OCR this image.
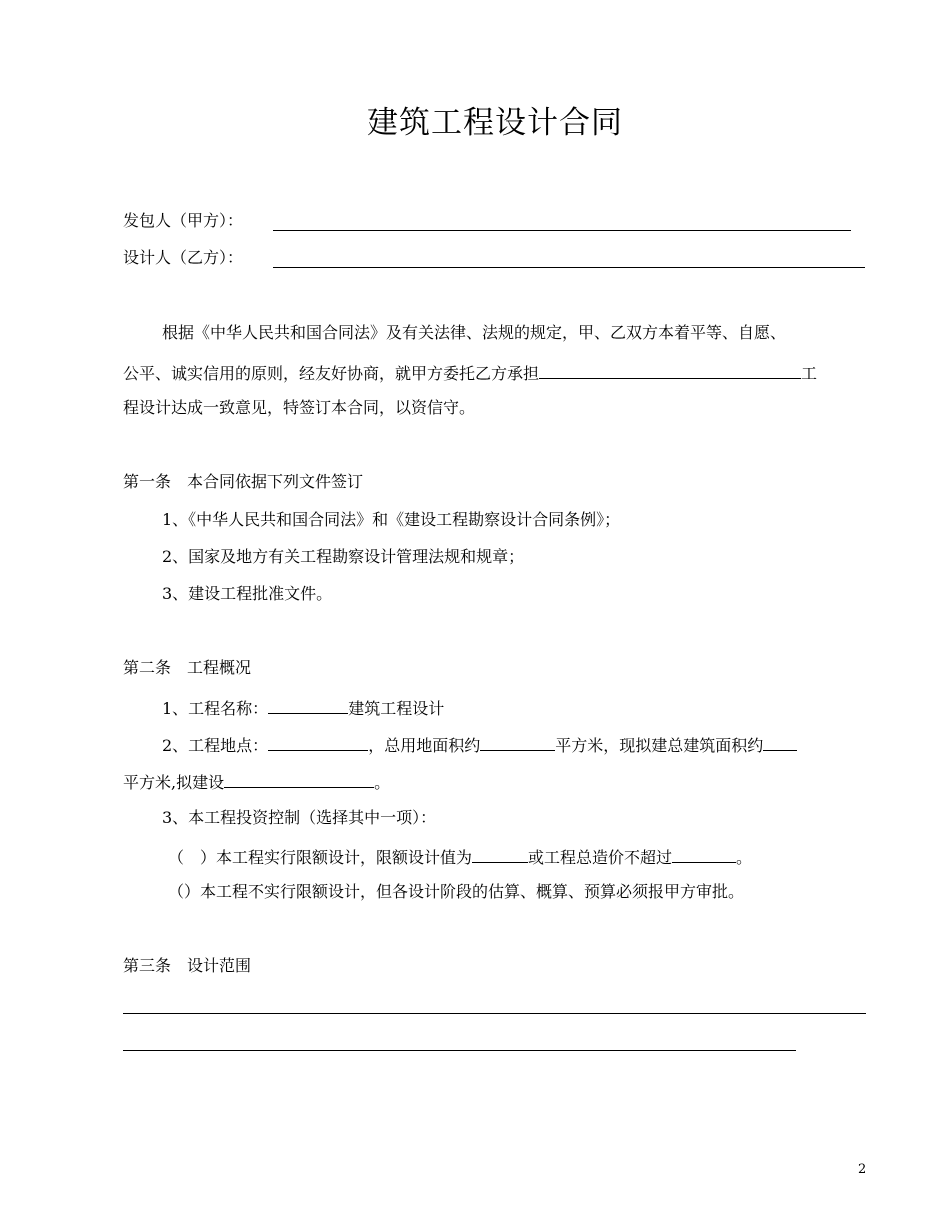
建筑工程设计合同
发包人（甲方）：
设计人（乙方）：
根据《中华人民共和国合同法》及有关法律、法规的规定，甲、乙双方本着平等、自愿、
公平、诚实信用的原则，经友好协商，就甲方委托乙方承担	工
程设计达成一致意见，特签订本合同，以资信守。
第一条　本合同依据下列文件签订
1、《中华人民共和国合同法》和《建设工程勘察设计合同条例》；
2、国家及地方有关工程勘察设计管理法规和规章；
3、建设工程批准文件。
第二条　工程概况
1、工程名称：	建筑工程设计
2、工程地点：	，总用地面积约	平方米，现拟建总建筑面积约
平方米,拟建设	。
3、本工程投资控制（选择其中一项）：
（　）本工程实行限额设计，限额设计值为	或工程总造价不超过	。
（）本工程不实行限额设计，但各设计阶段的估算、概算、预算必须报甲方审批。
第三条　设计范围
2
